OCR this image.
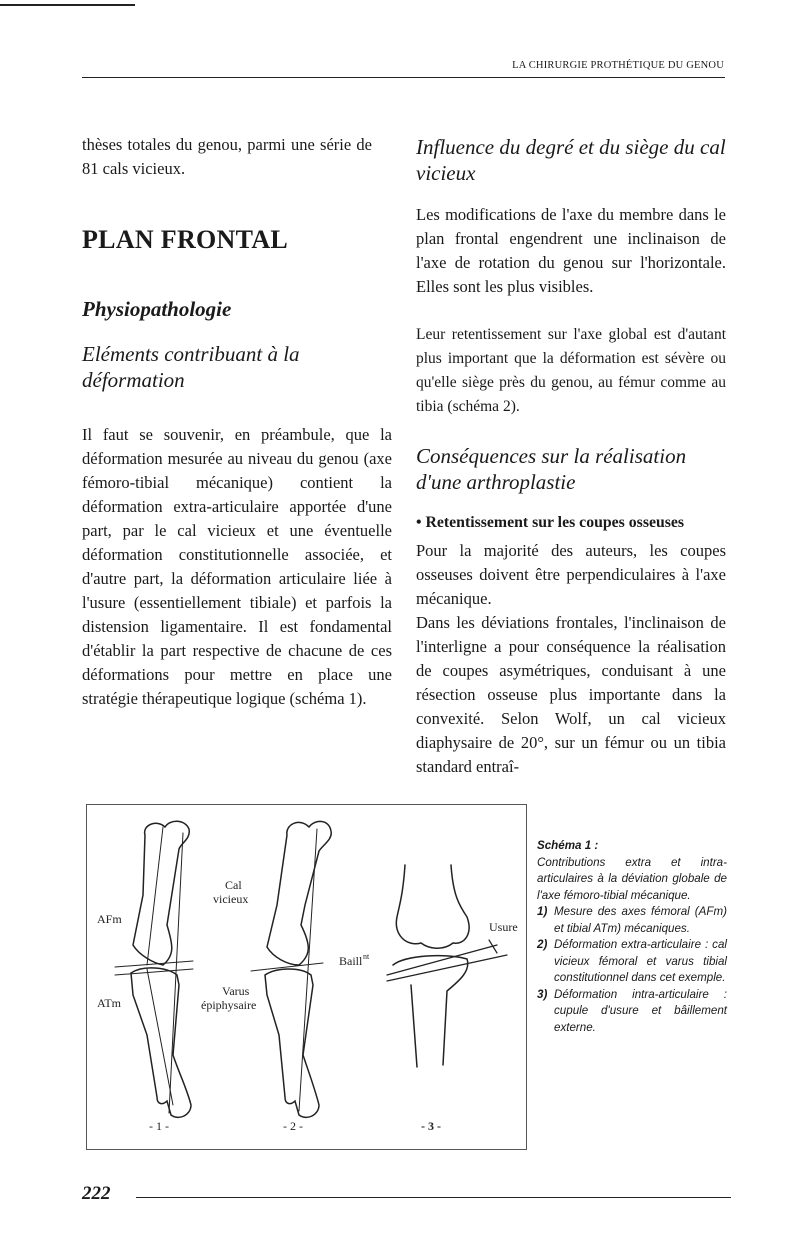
LA CHIRURGIE PROTHÉTIQUE DU GENOU

thèses totales du genou, parmi une série de 81 cals vicieux.

PLAN FRONTAL
Physiopathologie

Eléments contribuant à la déformation

Il faut se souvenir, en préambule, que la déformation mesurée au niveau du genou (axe fémoro-tibial mécanique) contient la déformation extra-articulaire apportée d'une part, par le cal vicieux et une éventuelle déformation constitutionnelle associée, et d'autre part, la déformation articulaire liée à l'usure (essentiellement tibiale) et parfois la distension ligamentaire. Il est fondamental d'établir la part respective de chacune de ces déformations pour mettre en place une stratégie thérapeutique logique (schéma 1).

Influence du degré et du siège du cal vicieux

Les modifications de l'axe du membre dans le plan frontal engendrent une inclinaison de l'axe de rotation du genou sur l'horizontale. Elles sont les plus visibles.

Leur retentissement sur l'axe global est d'autant plus important que la déformation est sévère ou qu'elle siège près du genou, au fémur comme au tibia (schéma 2).

Conséquences sur la réalisation d'une arthroplastie

• Retentissement sur les coupes osseuses

Pour la majorité des auteurs, les coupes osseuses doivent être perpendiculaires à l'axe mécanique.

Dans les déviations frontales, l'inclinaison de l'interligne a pour conséquence la réalisation de coupes asymétriques, conduisant à une résection osseuse plus importante dans la convexité. Selon Wolf, un cal vicieux diaphysaire de 20°, sur un fémur ou un tibia standard entraî-

AFm
ATm
Cal
vicieux
Varus
épiphysaire
Baill nt
Usure
- 1 -	- 2 -	- 3 -
Schéma 1 :
Contributions extra et intra-articulaires à la déviation globale de l'axe fémoro-tibial mécanique.
1) Mesure des axes fémoral (AFm) et tibial ATm) mécaniques.
2) Déformation extra-articulaire : cal vicieux fémoral et varus tibial constitutionnel dans cet exemple.
3) Déformation intra-articulaire : cupule d'usure et bâillement externe.
222
